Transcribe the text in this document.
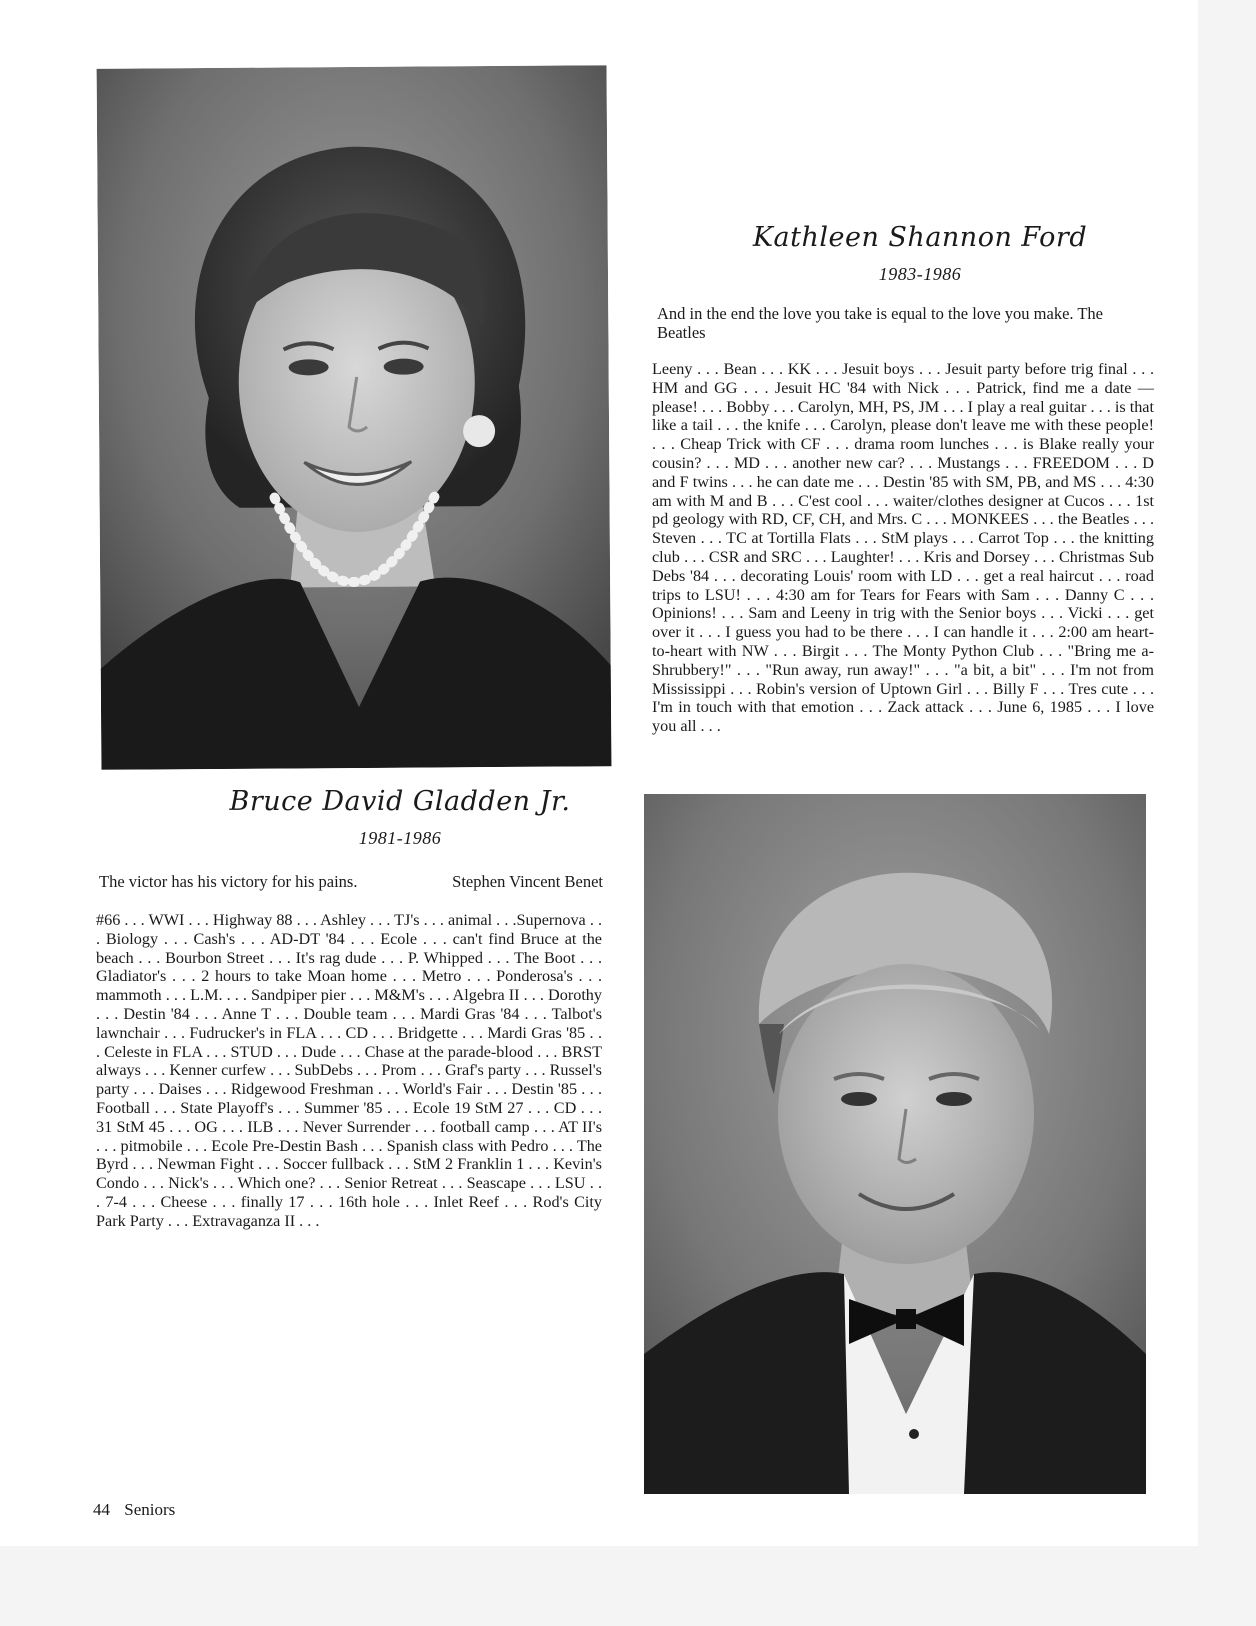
Kathleen Shannon Ford
1983-1986
And in the end the love you take is equal to the love you make. The Beatles
Leeny . . . Bean . . . KK . . . Jesuit boys . . . Jesuit party before trig final . . . HM and GG . . . Jesuit HC '84 with Nick . . . Patrick, find me a date — please! . . . Bobby . . . Carolyn, MH, PS, JM . . . I play a real guitar . . . is that like a tail . . . the knife . . . Carolyn, please don't leave me with these people! . . . Cheap Trick with CF . . . drama room lunches . . . is Blake really your cousin? . . . MD . . . another new car? . . . Mustangs . . . FREEDOM . . . D and F twins . . . he can date me . . . Destin '85 with SM, PB, and MS . . . 4:30 am with M and B . . . C'est cool . . . waiter/clothes designer at Cucos . . . 1st pd geology with RD, CF, CH, and Mrs. C . . . MONKEES . . . the Beatles . . . Steven . . . TC at Tortilla Flats . . . StM plays . . . Carrot Top . . . the knitting club . . . CSR and SRC . . . Laughter! . . . Kris and Dorsey . . . Christmas Sub Debs '84 . . . decorating Louis' room with LD . . . get a real haircut . . . road trips to LSU! . . . 4:30 am for Tears for Fears with Sam . . . Danny C . . . Opinions! . . . Sam and Leeny in trig with the Senior boys . . . Vicki . . . get over it . . . I guess you had to be there . . . I can handle it . . . 2:00 am heart-to-heart with NW . . . Birgit . . . The Monty Python Club . . . "Bring me a-Shrubbery!" . . . "Run away, run away!" . . . "a bit, a bit" . . . I'm not from Mississippi . . . Robin's version of Uptown Girl . . . Billy F . . . Tres cute . . . I'm in touch with that emotion . . . Zack attack . . . June 6, 1985 . . . I love you all . . .
Bruce David Gladden Jr.
1981-1986
The victor has his victory for his pains.	Stephen Vincent Benet
#66 . . . WWI . . . Highway 88 . . . Ashley . . . TJ's . . . animal . . .Supernova . . . Biology . . . Cash's . . . AD-DT '84 . . . Ecole . . . can't find Bruce at the beach . . . Bourbon Street . . . It's rag dude . . . P. Whipped . . . The Boot . . . Gladiator's . . . 2 hours to take Moan home . . . Metro . . . Ponderosa's . . . mammoth . . . L.M. . . . Sandpiper pier . . . M&M's . . . Algebra II . . . Dorothy . . . Destin '84 . . . Anne T . . . Double team . . . Mardi Gras '84 . . . Talbot's lawnchair . . . Fudrucker's in FLA . . . CD . . . Bridgette . . . Mardi Gras '85 . . . Celeste in FLA . . . STUD . . . Dude . . . Chase at the parade-blood . . . BRST always . . . Kenner curfew . . . SubDebs . . . Prom . . . Graf's party . . . Russel's party . . . Daises . . . Ridgewood Freshman . . . World's Fair . . . Destin '85 . . . Football . . . State Playoff's . . . Summer '85 . . . Ecole 19 StM 27 . . . CD . . . 31 StM 45 . . . OG . . . ILB . . . Never Surrender . . . football camp . . . AT II's . . . pitmobile . . . Ecole Pre-Destin Bash . . . Spanish class with Pedro . . . The Byrd . . . Newman Fight . . . Soccer fullback . . . StM 2 Franklin 1 . . . Kevin's Condo . . . Nick's . . . Which one? . . . Senior Retreat . . . Seascape . . . LSU . . . 7-4 . . . Cheese . . . finally 17 . . . 16th hole . . . Inlet Reef . . . Rod's City Park Party . . . Extravaganza II . . .
44 Seniors
